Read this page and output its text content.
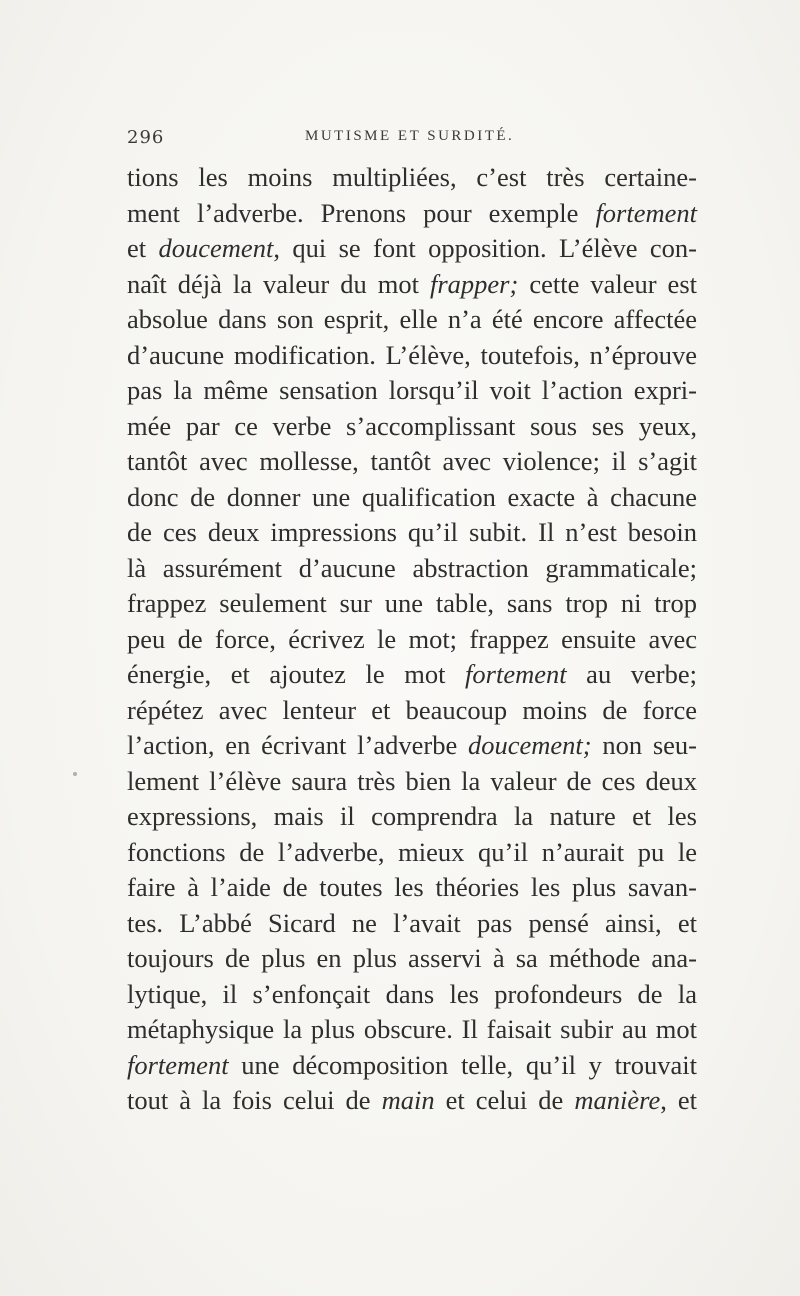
296	MUTISME ET SURDITÉ.
tions les moins multipliées, c’est très certaine-
ment l’adverbe. Prenons pour exemple fortement
et doucement, qui se font opposition. L’élève con-
naît déjà la valeur du mot frapper; cette valeur est
absolue dans son esprit, elle n’a été encore affectée
d’aucune modification. L’élève, toutefois, n’éprouve
pas la même sensation lorsqu’il voit l’action expri-
mée par ce verbe s’accomplissant sous ses yeux,
tantôt avec mollesse, tantôt avec violence; il s’agit
donc de donner une qualification exacte à chacune
de ces deux impressions qu’il subit. Il n’est besoin
là assurément d’aucune abstraction grammaticale;
frappez seulement sur une table, sans trop ni trop
peu de force, écrivez le mot; frappez ensuite avec
énergie, et ajoutez le mot fortement au verbe;
répétez avec lenteur et beaucoup moins de force
l’action, en écrivant l’adverbe doucement; non seu-
lement l’élève saura très bien la valeur de ces deux
expressions, mais il comprendra la nature et les
fonctions de l’adverbe, mieux qu’il n’aurait pu le
faire à l’aide de toutes les théories les plus savan-
tes. L’abbé Sicard ne l’avait pas pensé ainsi, et
toujours de plus en plus asservi à sa méthode ana-
lytique, il s’enfonçait dans les profondeurs de la
métaphysique la plus obscure. Il faisait subir au mot
fortement une décomposition telle, qu’il y trouvait
tout à la fois celui de main et celui de manière, et
